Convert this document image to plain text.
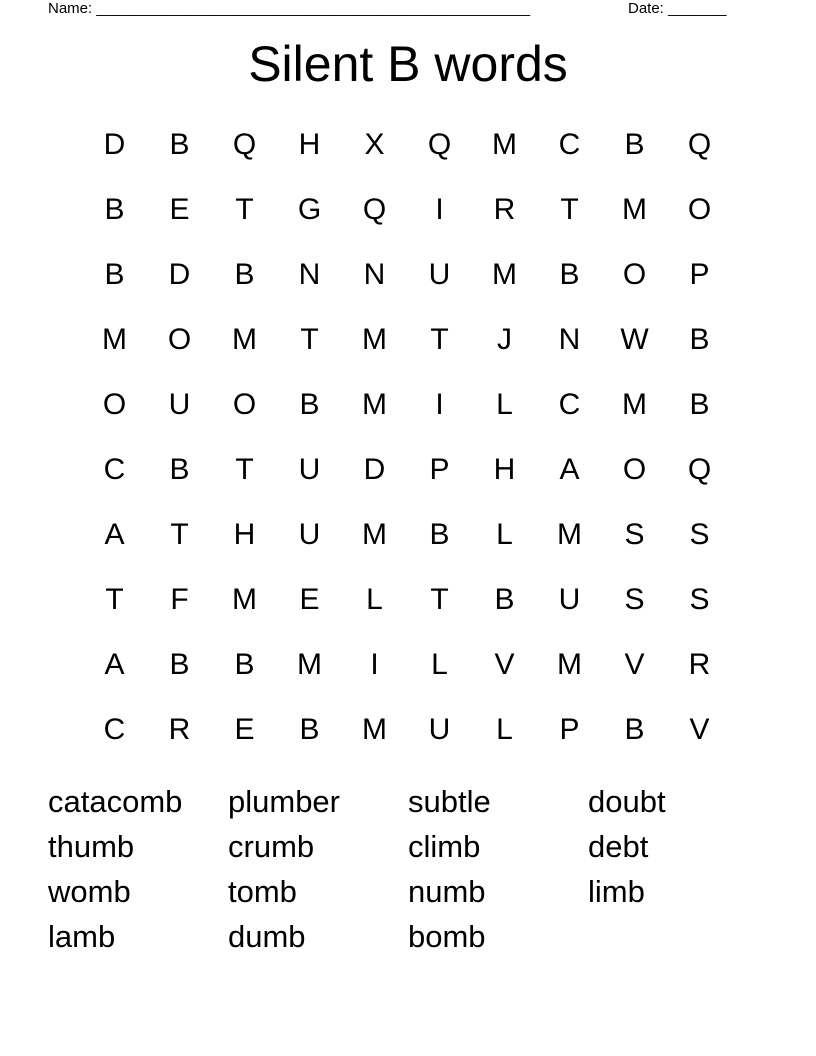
Name: ____________________________________________________	Date: _______
Silent B words
D	B	Q	H	X	Q	M	C	B	Q
B	E	T	G	Q	I	R	T	M	O
B	D	B	N	N	U	M	B	O	P
M	O	M	T	M	T	J	N	W	B
O	U	O	B	M	I	L	C	M	B
C	B	T	U	D	P	H	A	O	Q
A	T	H	U	M	B	L	M	S	S
T	F	M	E	L	T	B	U	S	S
A	B	B	M	I	L	V	M	V	R
C	R	E	B	M	U	L	P	B	V
catacomb	plumber	subtle	doubt
thumb	crumb	climb	debt
womb	tomb	numb	limb
lamb	dumb	bomb
